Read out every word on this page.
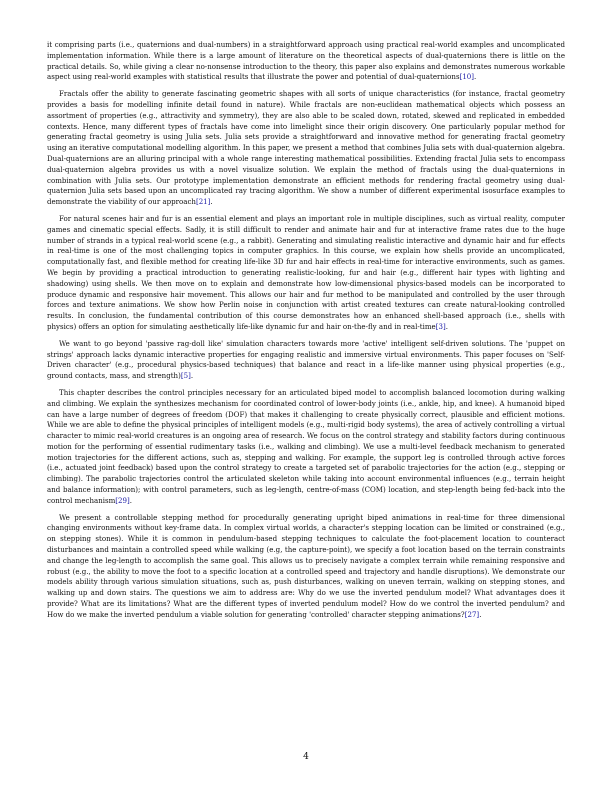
it comprising parts (i.e., quaternions and dual-numbers) in a straightforward approach using practical real-world examples and uncomplicated implementation information. While there is a large amount of literature on the theoretical aspects of dual-quaternions there is little on the practical details. So, while giving a clear no-nonsense introduction to the theory, this paper also explains and demonstrates numerous workable aspect using real-world examples with statistical results that illustrate the power and potential of dual-quaternions[10].

Fractals offer the ability to generate fascinating geometric shapes with all sorts of unique characteristics (for instance, fractal geometry provides a basis for modelling infinite detail found in nature). While fractals are non-euclidean mathematical objects which possess an assortment of properties (e.g., attractivity and symmetry), they are also able to be scaled down, rotated, skewed and replicated in embedded contexts. Hence, many different types of fractals have come into limelight since their origin discovery. One particularly popular method for generating fractal geometry is using Julia sets. Julia sets provide a straightforward and innovative method for generating fractal geometry using an iterative computational modelling algorithm. In this paper, we present a method that combines Julia sets with dual-quaternion algebra. Dual-quaternions are an alluring principal with a whole range interesting mathematical possibilities. Extending fractal Julia sets to encompass dual-quaternion algebra provides us with a novel visualize solution. We explain the method of fractals using the dual-quaternions in combination with Julia sets. Our prototype implementation demonstrate an efficient methods for rendering fractal geometry using dual-quaternion Julia sets based upon an uncomplicated ray tracing algorithm. We show a number of different experimental isosurface examples to demonstrate the viability of our approach[21].

For natural scenes hair and fur is an essential element and plays an important role in multiple disciplines, such as virtual reality, computer games and cinematic special effects. Sadly, it is still difficult to render and animate hair and fur at interactive frame rates due to the huge number of strands in a typical real-world scene (e.g., a rabbit). Generating and simulating realistic interactive and dynamic hair and fur effects in real-time is one of the most challenging topics in computer graphics. In this course, we explain how shells provide an uncomplicated, computationally fast, and flexible method for creating life-like 3D fur and hair effects in real-time for interactive environments, such as games. We begin by providing a practical introduction to generating realistic-looking, fur and hair (e.g., different hair types with lighting and shadowing) using shells. We then move on to explain and demonstrate how low-dimensional physics-based models can be incorporated to produce dynamic and responsive hair movement. This allows our hair and fur method to be manipulated and controlled by the user through forces and texture animations. We show how Perlin noise in conjunction with artist created textures can create natural-looking controlled results. In conclusion, the fundamental contribution of this course demonstrates how an enhanced shell-based approach (i.e., shells with physics) offers an option for simulating aesthetically life-like dynamic fur and hair on-the-fly and in real-time[3].

We want to go beyond 'passive rag-doll like' simulation characters towards more 'active' intelligent self-driven solutions. The 'puppet on strings' approach lacks dynamic interactive properties for engaging realistic and immersive virtual environments. This paper focuses on 'Self-Driven character' (e.g., procedural physics-based techniques) that balance and react in a life-like manner using physical properties (e.g., ground contacts, mass, and strength)[5].

This chapter describes the control principles necessary for an articulated biped model to accomplish balanced locomotion during walking and climbing. We explain the synthesizes mechanism for coordinated control of lower-body joints (i.e., ankle, hip, and knee). A humanoid biped can have a large number of degrees of freedom (DOF) that makes it challenging to create physically correct, plausible and efficient motions. While we are able to define the physical principles of intelligent models (e.g., multi-rigid body systems), the area of actively controlling a virtual character to mimic real-world creatures is an ongoing area of research. We focus on the control strategy and stability factors during continuous motion for the performing of essential rudimentary tasks (i.e., walking and climbing). We use a multi-level feedback mechanism to generated motion trajectories for the different actions, such as, stepping and walking. For example, the support leg is controlled through active forces (i.e., actuated joint feedback) based upon the control strategy to create a targeted set of parabolic trajectories for the action (e.g., stepping or climbing). The parabolic trajectories control the articulated skeleton while taking into account environmental influences (e.g., terrain height and balance information); with control parameters, such as leg-length, centre-of-mass (COM) location, and step-length being fed-back into the control mechanism[29].

We present a controllable stepping method for procedurally generating upright biped animations in real-time for three dimensional changing environments without key-frame data. In complex virtual worlds, a character's stepping location can be limited or constrained (e.g., on stepping stones). While it is common in pendulum-based stepping techniques to calculate the foot-placement location to counteract disturbances and maintain a controlled speed while walking (e.g, the capture-point), we specify a foot location based on the terrain constraints and change the leg-length to accomplish the same goal. This allows us to precisely navigate a complex terrain while remaining responsive and robust (e.g., the ability to move the foot to a specific location at a controlled speed and trajectory and handle disruptions). We demonstrate our models ability through various simulation situations, such as, push disturbances, walking on uneven terrain, walking on stepping stones, and walking up and down stairs. The questions we aim to address are: Why do we use the inverted pendulum model? What advantages does it provide? What are its limitations? What are the different types of inverted pendulum model? How do we control the inverted pendulum? and How do we make the inverted pendulum a viable solution for generating 'controlled' character stepping animations?[27].

4
